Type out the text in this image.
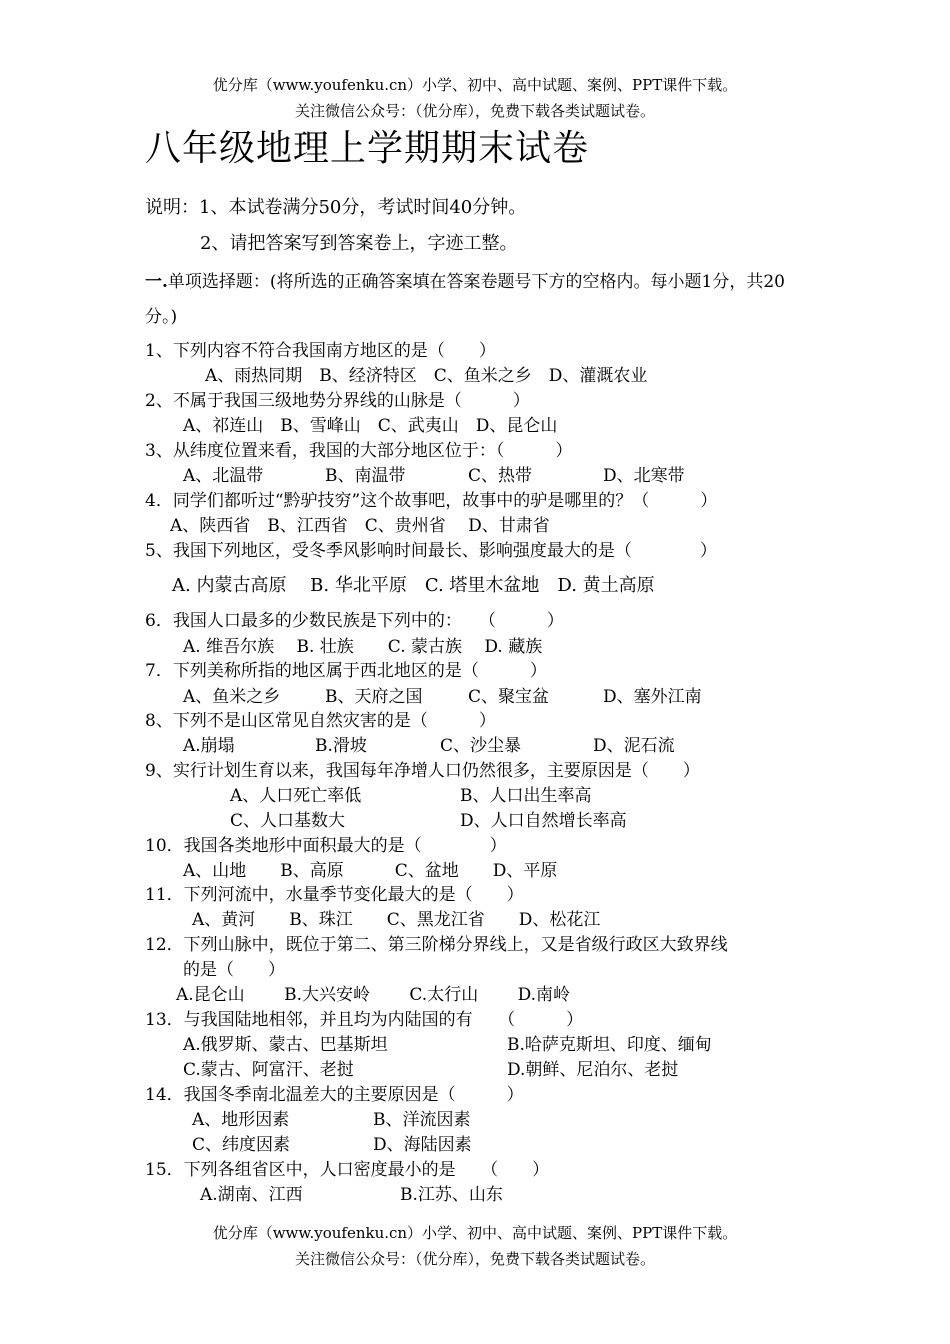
优分库（www.youfenku.cn）小学、初中、高中试题、案例、PPT课件下载。
关注微信公众号：（优分库），免费下载各类试题试卷。
八年级地理上学期期末试卷
说明：1、本试卷满分50分，考试时间40分钟。
2、请把答案写到答案卷上，字迹工整。
一.单项选择题：(将所选的正确答案填在答案卷题号下方的空格内。每小题1分，共20
分。)
1、下列内容不符合我国南方地区的是（　　）
A、雨热同期　B、经济特区　C、鱼米之乡　D、灌溉农业
2、不属于我国三级地势分界线的山脉是（　　　）
A、祁连山　B、雪峰山　C、武夷山　D、昆仑山
3、从纬度位置来看，我国的大部分地区位于：（　　　）
A、北温带	B、南温带	C、热带	D、北寒带
4．同学们都听过“黔驴技穷”这个故事吧，故事中的驴是哪里的？（　　　）
A、陕西省　B、江西省　C、贵州省　 D、甘肃省
5、我国下列地区，受冬季风影响时间最长、影响强度最大的是（　　　　）
A. 内蒙古高原　 B. 华北平原　C. 塔里木盆地　D. 黄土高原
6．我国人口最多的少数民族是下列中的：　　（　　　）
A. 维吾尔族　 B. 壮族　　C. 蒙古族　 D. 藏族
7．下列美称所指的地区属于西北地区的是（　　　）
A、鱼米之乡	B、天府之国	C、聚宝盆	D、塞外江南
8、下列不是山区常见自然灾害的是（　　　）
A.崩塌	B.滑坡	C、沙尘暴	D、泥石流
9、实行计划生育以来，我国每年净增人口仍然很多，主要原因是（　　）
A、人口死亡率低	B、人口出生率高
C、人口基数大	D、人口自然增长率高
10．我国各类地形中面积最大的是（　　　　）
A、山地　　B、高原　　　C、盆地　　D、平原
11．下列河流中，水量季节变化最大的是（　　）
A、黄河　　B、珠江　　C、黑龙江省　　D、松花江
12．下列山脉中，既位于第二、第三阶梯分界线上，又是省级行政区大致界线
的是（　　）
A.昆仑山　　 B.大兴安岭　　 C.太行山　　 D.南岭
13．与我国陆地相邻，并且均为内陆国的有　　（　　　）
A.俄罗斯、蒙古、巴基斯坦	B.哈萨克斯坦、印度、缅甸
C.蒙古、阿富汗、老挝	D.朝鲜、尼泊尔、老挝
14．我国冬季南北温差大的主要原因是（　　　）
A、地形因素	B、洋流因素
C、纬度因素	D、海陆因素
15．下列各组省区中，人口密度最小的是　　（　　）
A.湖南、江西	B.江苏、山东
优分库（www.youfenku.cn）小学、初中、高中试题、案例、PPT课件下载。
关注微信公众号：（优分库），免费下载各类试题试卷。
